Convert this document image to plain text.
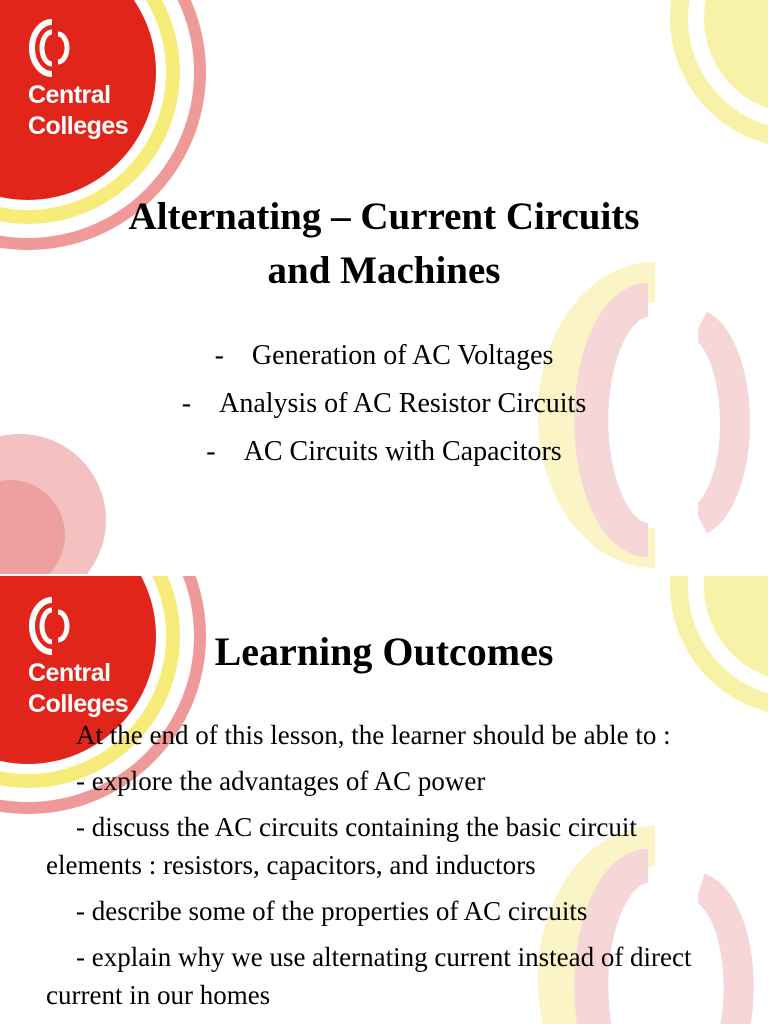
Central
Colleges
Alternating – Current Circuits
and Machines
- Generation of AC Voltages
- Analysis of AC Resistor Circuits
- AC Circuits with Capacitors
Central
Colleges
Learning Outcomes

At the end of this lesson, the learner should be able to :

- explore the advantages of AC power

- discuss the AC circuits containing the basic circuit elements : resistors, capacitors, and inductors

- describe some of the properties of AC circuits

- explain why we use alternating current instead of direct current in our homes
